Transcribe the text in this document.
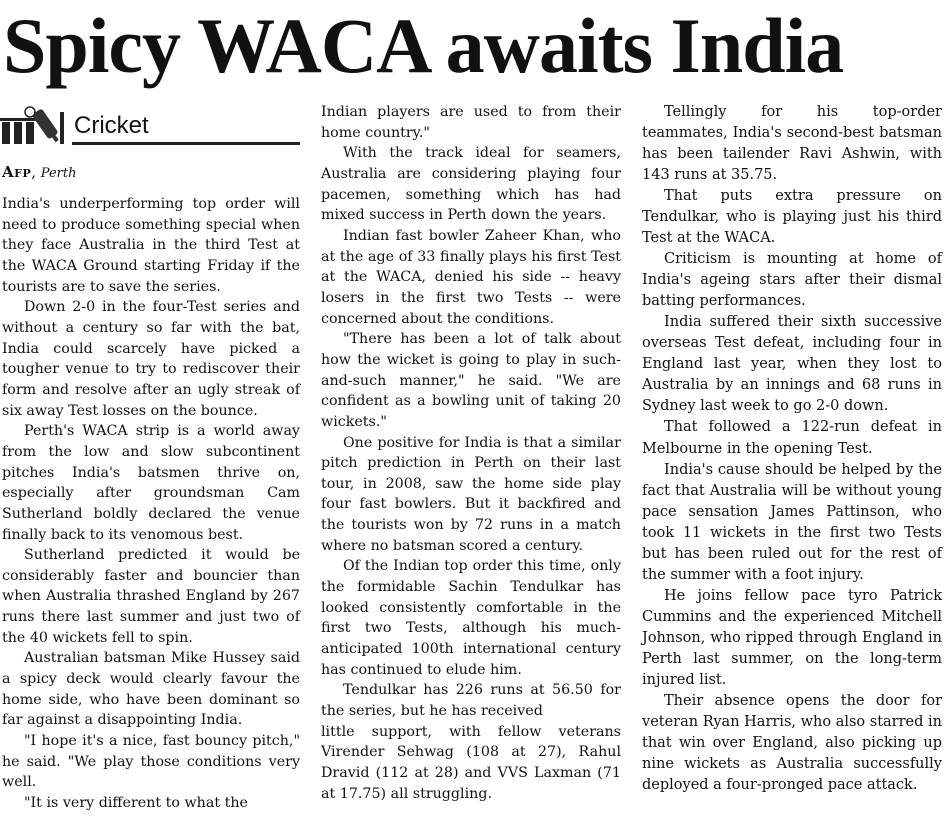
Spicy WACA awaits India
Cricket
Afp, Perth

India's underperforming top order will need to produce something special when they face Australia in the third Test at the WACA Ground starting Friday if the tourists are to save the series.

Down 2-0 in the four-Test series and without a century so far with the bat, India could scarcely have picked a tougher venue to try to rediscover their form and resolve after an ugly streak of six away Test losses on the bounce.

Perth's WACA strip is a world away from the low and slow subcontinent pitches India's batsmen thrive on, especially after groundsman Cam Sutherland boldly declared the venue finally back to its venomous best.

Sutherland predicted it would be considerably faster and bouncier than when Australia thrashed England by 267 runs there last summer and just two of the 40 wickets fell to spin.

Australian batsman Mike Hussey said a spicy deck would clearly favour the home side, who have been dominant so far against a disappointing India.

"I hope it's a nice, fast bouncy pitch," he said. "We play those conditions very well.

"It is very different to what the

Indian players are used to from their home country."

With the track ideal for seamers, Australia are considering playing four pacemen, something which has had mixed success in Perth down the years.

Indian fast bowler Zaheer Khan, who at the age of 33 finally plays his first Test at the WACA, denied his side -- heavy losers in the first two Tests -- were concerned about the conditions.

"There has been a lot of talk about how the wicket is going to play in such-and-such manner," he said. "We are confident as a bowling unit of taking 20 wickets."

One positive for India is that a similar pitch prediction in Perth on their last tour, in 2008, saw the home side play four fast bowlers. But it backfired and the tourists won by 72 runs in a match where no batsman scored a century.

Of the Indian top order this time, only the formidable Sachin Tendulkar has looked consistently comfortable in the first two Tests, although his much-anticipated 100th international century has continued to elude him.

Tendulkar has 226 runs at 56.50 for the series, but he has received

little support, with fellow veterans Virender Sehwag (108 at 27), Rahul Dravid (112 at 28) and VVS Laxman (71 at 17.75) all struggling.

Tellingly for his top-order teammates, India's second-best batsman has been tailender Ravi Ashwin, with 143 runs at 35.75.

That puts extra pressure on Tendulkar, who is playing just his third Test at the WACA.

Criticism is mounting at home of India's ageing stars after their dismal batting performances.

India suffered their sixth successive overseas Test defeat, including four in England last year, when they lost to Australia by an innings and 68 runs in Sydney last week to go 2-0 down.

That followed a 122-run defeat in Melbourne in the opening Test.

India's cause should be helped by the fact that Australia will be without young pace sensation James Pattinson, who took 11 wickets in the first two Tests but has been ruled out for the rest of the summer with a foot injury.

He joins fellow pace tyro Patrick Cummins and the experienced Mitchell Johnson, who ripped through England in Perth last summer, on the long-term injured list.

Their absence opens the door for veteran Ryan Harris, who also starred in that win over England, also picking up nine wickets as Australia successfully deployed a four-pronged pace attack.
